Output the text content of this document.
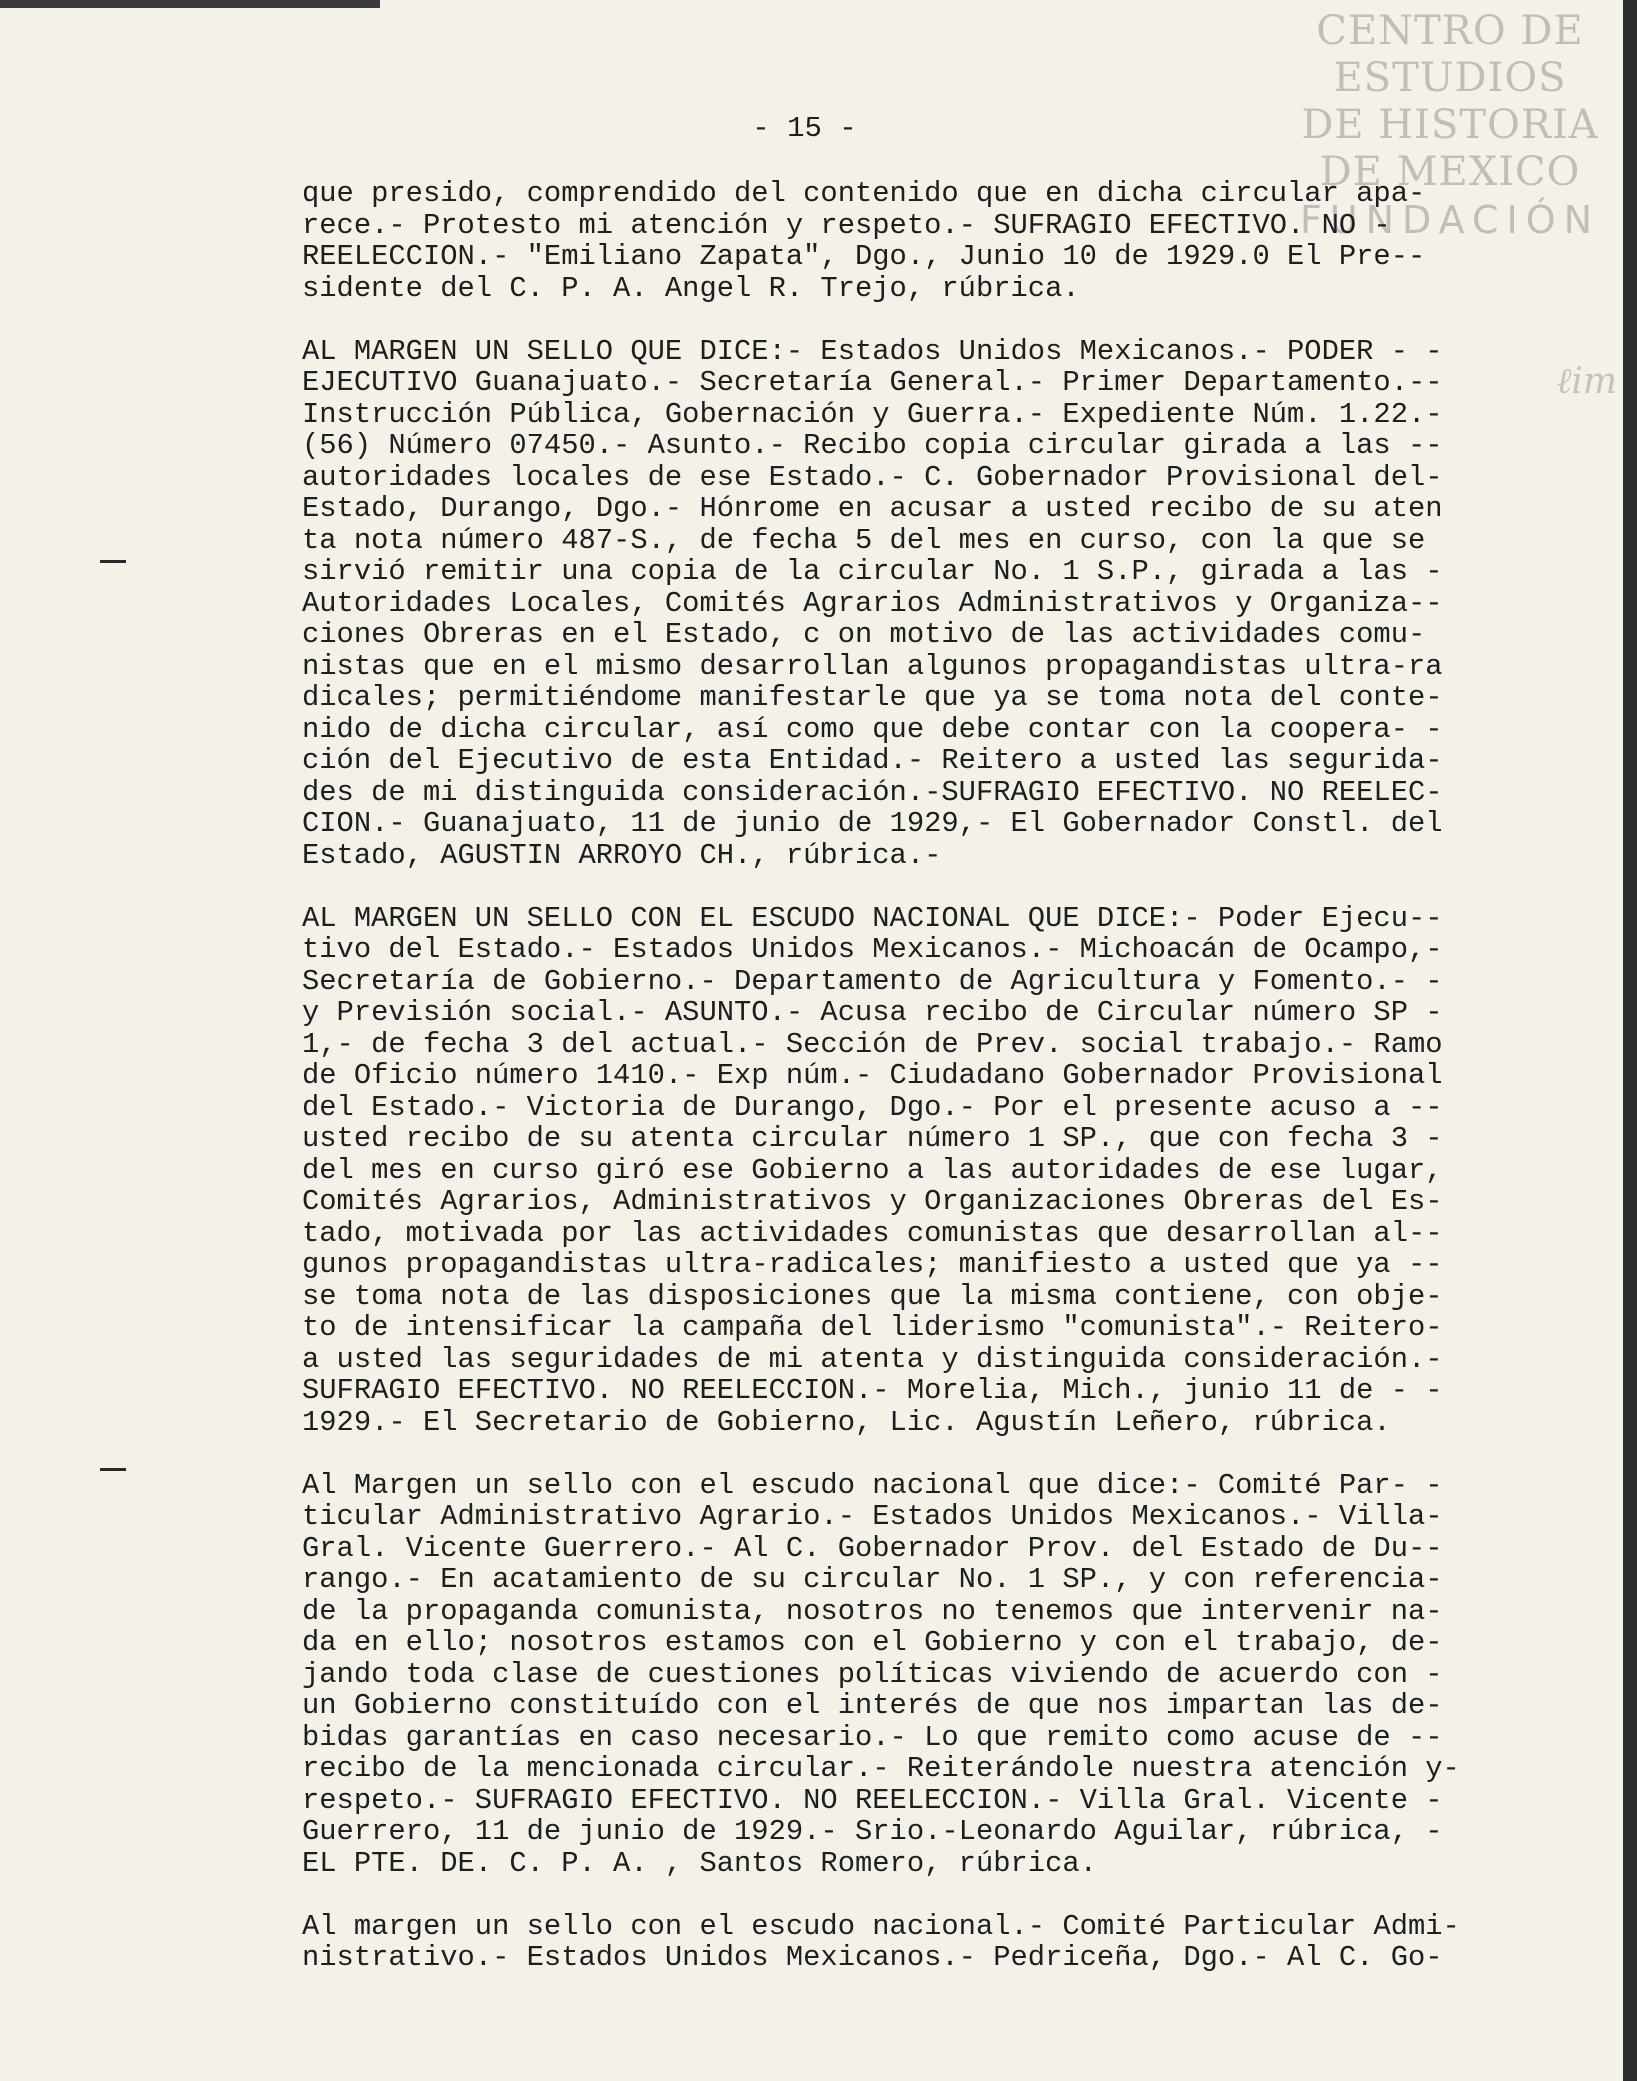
CENTRO DE
ESTUDIOS
DE HISTORIA
DE MEXICO
FUNDACIÓN
ℓim
- 15 -
que presido, comprendido del contenido que en dicha circular apa-
rece.- Protesto mi atención y respeto.- SUFRAGIO EFECTIVO. NO -
REELECCION.- "Emiliano Zapata", Dgo., Junio 10 de 1929.0 El Pre--
sidente del C. P. A. Angel R. Trejo, rúbrica.
AL MARGEN UN SELLO QUE DICE:- Estados Unidos Mexicanos.- PODER - -
EJECUTIVO Guanajuato.- Secretaría General.- Primer Departamento.--
Instrucción Pública, Gobernación y Guerra.- Expediente Núm. 1.22.-
(56) Número 07450.- Asunto.- Recibo copia circular girada a las --
autoridades locales de ese Estado.- C. Gobernador Provisional del-
Estado, Durango, Dgo.- Hónrome en acusar a usted recibo de su aten
ta nota número 487-S., de fecha 5 del mes en curso, con la que se
sirvió remitir una copia de la circular No. 1 S.P., girada a las -
Autoridades Locales, Comités Agrarios Administrativos y Organiza--
ciones Obreras en el Estado, c on motivo de las actividades comu-
nistas que en el mismo desarrollan algunos propagandistas ultra-ra
dicales; permitiéndome manifestarle que ya se toma nota del conte-
nido de dicha circular, así como que debe contar con la coopera- -
ción del Ejecutivo de esta Entidad.- Reitero a usted las segurida-
des de mi distinguida consideración.-SUFRAGIO EFECTIVO. NO REELEC-
CION.- Guanajuato, 11 de junio de 1929,- El Gobernador Constl. del
Estado, AGUSTIN ARROYO CH., rúbrica.-
AL MARGEN UN SELLO CON EL ESCUDO NACIONAL QUE DICE:- Poder Ejecu--
tivo del Estado.- Estados Unidos Mexicanos.- Michoacán de Ocampo,-
Secretaría de Gobierno.- Departamento de Agricultura y Fomento.- -
y Previsión social.- ASUNTO.- Acusa recibo de Circular número SP -
1,- de fecha 3 del actual.- Sección de Prev. social trabajo.- Ramo
de Oficio número 1410.- Exp núm.- Ciudadano Gobernador Provisional
del Estado.- Victoria de Durango, Dgo.- Por el presente acuso a --
usted recibo de su atenta circular número 1 SP., que con fecha 3 -
del mes en curso giró ese Gobierno a las autoridades de ese lugar,
Comités Agrarios, Administrativos y Organizaciones Obreras del Es-
tado, motivada por las actividades comunistas que desarrollan al--
gunos propagandistas ultra-radicales; manifiesto a usted que ya --
se toma nota de las disposiciones que la misma contiene, con obje-
to de intensificar la campaña del liderismo "comunista".- Reitero-
a usted las seguridades de mi atenta y distinguida consideración.-
SUFRAGIO EFECTIVO. NO REELECCION.- Morelia, Mich., junio 11 de - -
1929.- El Secretario de Gobierno, Lic. Agustín Leñero, rúbrica.
Al Margen un sello con el escudo nacional que dice:- Comité Par- -
ticular Administrativo Agrario.- Estados Unidos Mexicanos.- Villa-
Gral. Vicente Guerrero.- Al C. Gobernador Prov. del Estado de Du--
rango.- En acatamiento de su circular No. 1 SP., y con referencia-
de la propaganda comunista, nosotros no tenemos que intervenir na-
da en ello; nosotros estamos con el Gobierno y con el trabajo, de-
jando toda clase de cuestiones políticas viviendo de acuerdo con -
un Gobierno constituído con el interés de que nos impartan las de-
bidas garantías en caso necesario.- Lo que remito como acuse de --
recibo de la mencionada circular.- Reiterándole nuestra atención y-
respeto.- SUFRAGIO EFECTIVO. NO REELECCION.- Villa Gral. Vicente -
Guerrero, 11 de junio de 1929.- Srio.-Leonardo Aguilar, rúbrica, -
EL PTE. DE. C. P. A. , Santos Romero, rúbrica.
Al margen un sello con el escudo nacional.- Comité Particular Admi-
nistrativo.- Estados Unidos Mexicanos.- Pedriceña, Dgo.- Al C. Go-
